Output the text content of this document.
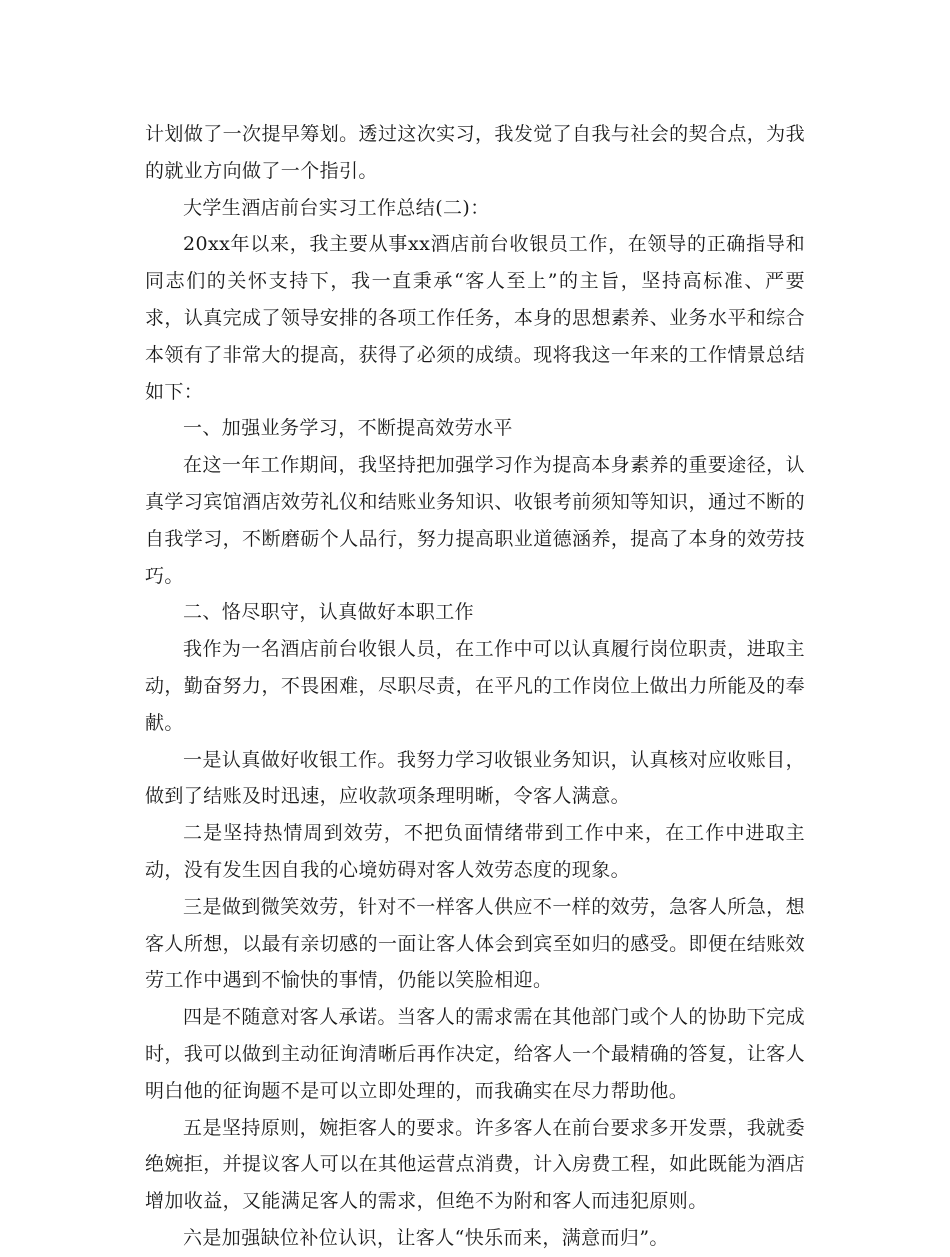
计划做了一次提早筹划。透过这次实习，我发觉了自我与社会的契合点，为我的就业方向做了一个指引。

大学生酒店前台实习工作总结(二)：

20xx年以来，我主要从事xx酒店前台收银员工作，在领导的正确指导和同志们的关怀支持下，我一直秉承“客人至上”的主旨，坚持高标准、严要求，认真完成了领导安排的各项工作任务，本身的思想素养、业务水平和综合本领有了非常大的提高，获得了必须的成绩。现将我这一年来的工作情景总结如下：

一、加强业务学习，不断提高效劳水平

在这一年工作期间，我坚持把加强学习作为提高本身素养的重要途径，认真学习宾馆酒店效劳礼仪和结账业务知识、收银考前须知等知识，通过不断的自我学习，不断磨砺个人品行，努力提高职业道德涵养，提高了本身的效劳技巧。

二、恪尽职守，认真做好本职工作

我作为一名酒店前台收银人员，在工作中可以认真履行岗位职责，进取主动，勤奋努力，不畏困难，尽职尽责，在平凡的工作岗位上做出力所能及的奉献。

一是认真做好收银工作。我努力学习收银业务知识，认真核对应收账目，做到了结账及时迅速，应收款项条理明晰，令客人满意。

二是坚持热情周到效劳，不把负面情绪带到工作中来，在工作中进取主动，没有发生因自我的心境妨碍对客人效劳态度的现象。

三是做到微笑效劳，针对不一样客人供应不一样的效劳，急客人所急，想客人所想，以最有亲切感的一面让客人体会到宾至如归的感受。即便在结账效劳工作中遇到不愉快的事情，仍能以笑脸相迎。

四是不随意对客人承诺。当客人的需求需在其他部门或个人的协助下完成时，我可以做到主动征询清晰后再作决定，给客人一个最精确的答复，让客人明白他的征询题不是可以立即处理的，而我确实在尽力帮助他。

五是坚持原则，婉拒客人的要求。许多客人在前台要求多开发票，我就委绝婉拒，并提议客人可以在其他运营点消费，计入房费工程，如此既能为酒店增加收益，又能满足客人的需求，但绝不为附和客人而违犯原则。

六是加强缺位补位认识，让客人“快乐而来，满意而归”。
